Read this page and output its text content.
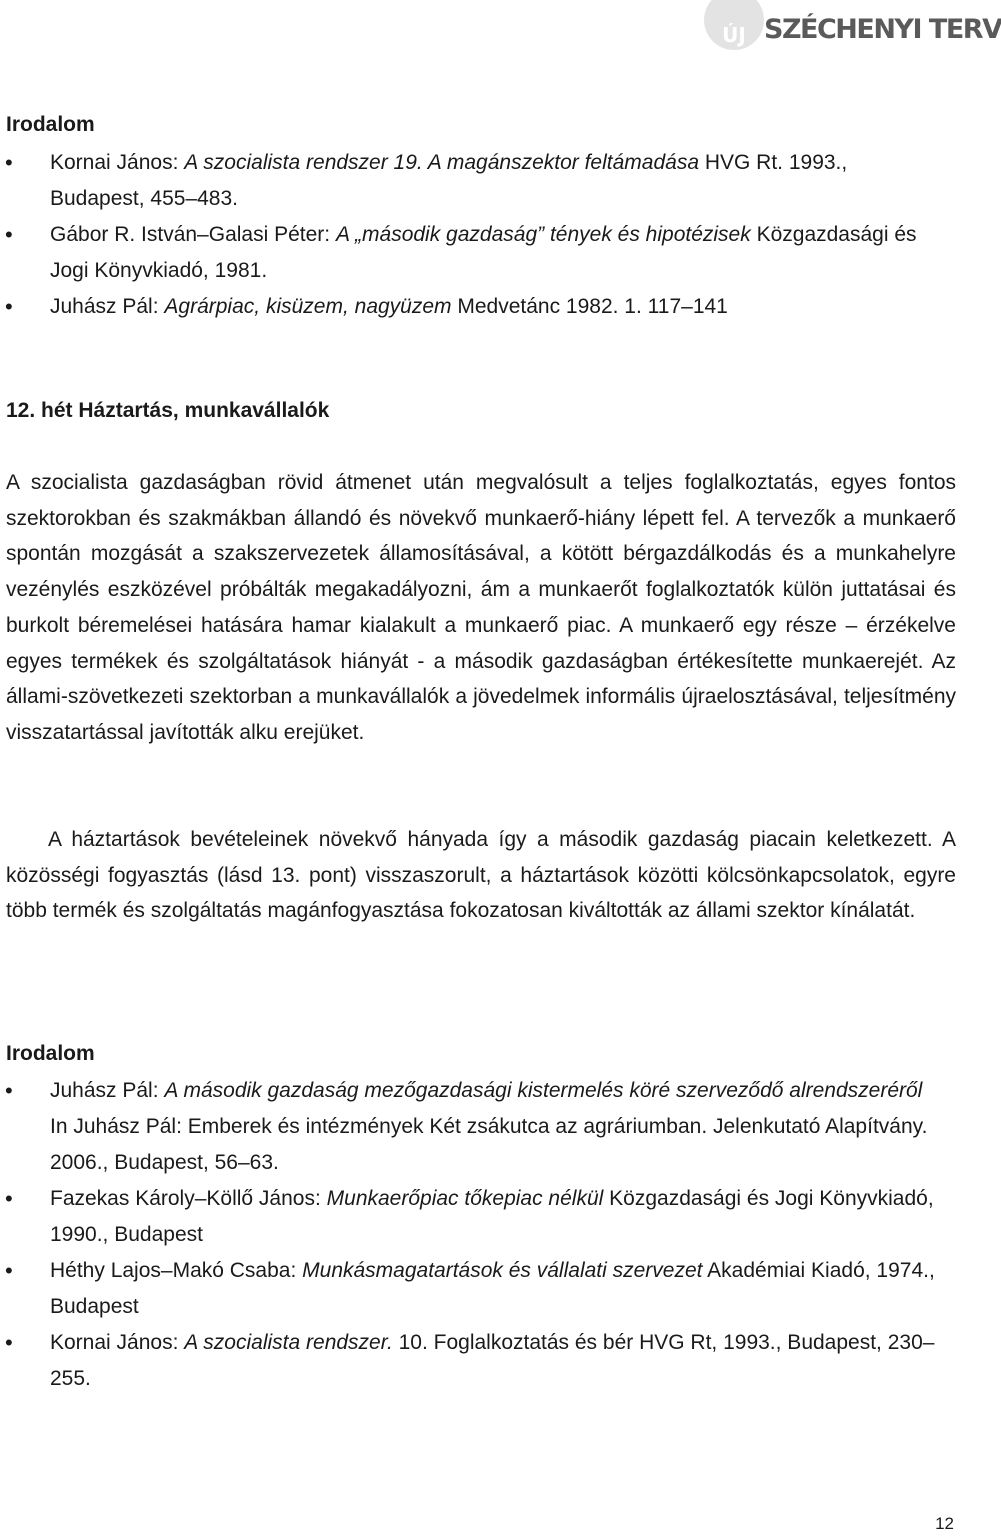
ÚJ SZÉCHENYI TERV
Irodalom
• Kornai János: A szocialista rendszer 19. A magánszektor feltámadása HVG Rt. 1993., Budapest, 455–483.
• Gábor R. István–Galasi Péter: A „második gazdaság” tények és hipotézisek Közgazdasági és Jogi Könyvkiadó, 1981.
• Juhász Pál: Agrárpiac, kisüzem, nagyüzem Medvetánc 1982. 1. 117–141
12. hét Háztartás, munkavállalók

A szocialista gazdaságban rövid átmenet után megvalósult a teljes foglalkoztatás, egyes fontos szektorokban és szakmákban állandó és növekvő munkaerő-hiány lépett fel. A tervezők a munkaerő spontán mozgását a szakszervezetek államosításával, a kötött bérgazdálkodás és a munkahelyre vezénylés eszközével próbálták megakadályozni, ám a munkaerőt foglalkoztatók külön juttatásai és burkolt béremelései hatására hamar kialakult a munkaerő piac. A munkaerő egy része – érzékelve egyes termékek és szolgáltatások hiányát - a második gazdaságban értékesítette munkaerejét. Az állami-szövetkezeti szektorban a munkavállalók a jövedelmek informális újraelosztásával, teljesítmény visszatartással javították alku erejüket.

A háztartások bevételeinek növekvő hányada így a második gazdaság piacain keletkezett. A közösségi fogyasztás (lásd 13. pont) visszaszorult, a háztartások közötti kölcsönkapcsolatok, egyre több termék és szolgáltatás magánfogyasztása fokozatosan kiváltották az állami szektor kínálatát.

Irodalom
• Juhász Pál: A második gazdaság mezőgazdasági kistermelés köré szerveződő alrendszeréről In Juhász Pál: Emberek és intézmények Két zsákutca az agráriumban. Jelenkutató Alapítvány. 2006., Budapest, 56–63.
• Fazekas Károly–Köllő János: Munkaerőpiac tőkepiac nélkül Közgazdasági és Jogi Könyvkiadó, 1990., Budapest
• Héthy Lajos–Makó Csaba: Munkásmagatartások és vállalati szervezet Akadémiai Kiadó, 1974., Budapest
• Kornai János: A szocialista rendszer. 10. Foglalkoztatás és bér HVG Rt, 1993., Budapest, 230–255.
12
